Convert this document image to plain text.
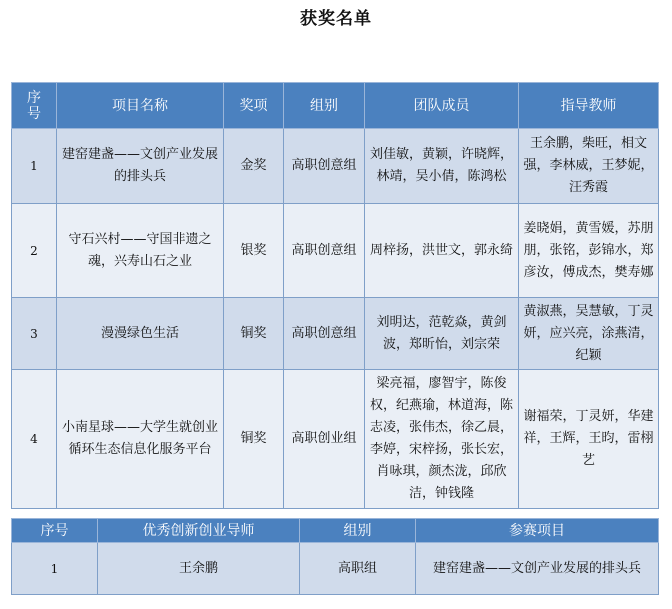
获奖名单
序号	项目名称	奖项	组别	团队成员	指导教师
1	建窑建盏——文创产业发展的排头兵	金奖	高职创意组	刘佳敏，黄颖，许晓辉，林靖，吴小倩，陈鸿松	王余鹏，柴旺，相文强，李林威，王梦妮，汪秀霞
2	守石兴村——守国非遗之魂，兴寿山石之业	银奖	高职创意组	周梓扬，洪世文，郭永绮	姜晓娟，黄雪媛，苏朋朋，张铭，彭锦水，郑彦汝，傅成杰，樊寿娜
3	漫漫绿色生活	铜奖	高职创意组	刘明达，范乾焱，黄剑波，郑昕怡，刘宗荣	黄淑燕，吴慧敏，丁灵妍，应兴亮，涂燕清，纪颖
4	小南星球——大学生就创业循环生态信息化服务平台	铜奖	高职创业组	梁亮福，廖智宇，陈俊权，纪燕瑜，林道海，陈志凌，张伟杰，徐乙晨，李婷，宋梓扬，张长宏，肖咏琪，颜杰泷，邱欣洁，钟钱隆	谢福荣，丁灵妍，华建祥，王辉，王昀，雷栩艺
序号	优秀创新创业导师	组别	参赛项目
1	王余鹏	高职组	建窑建盏——文创产业发展的排头兵
